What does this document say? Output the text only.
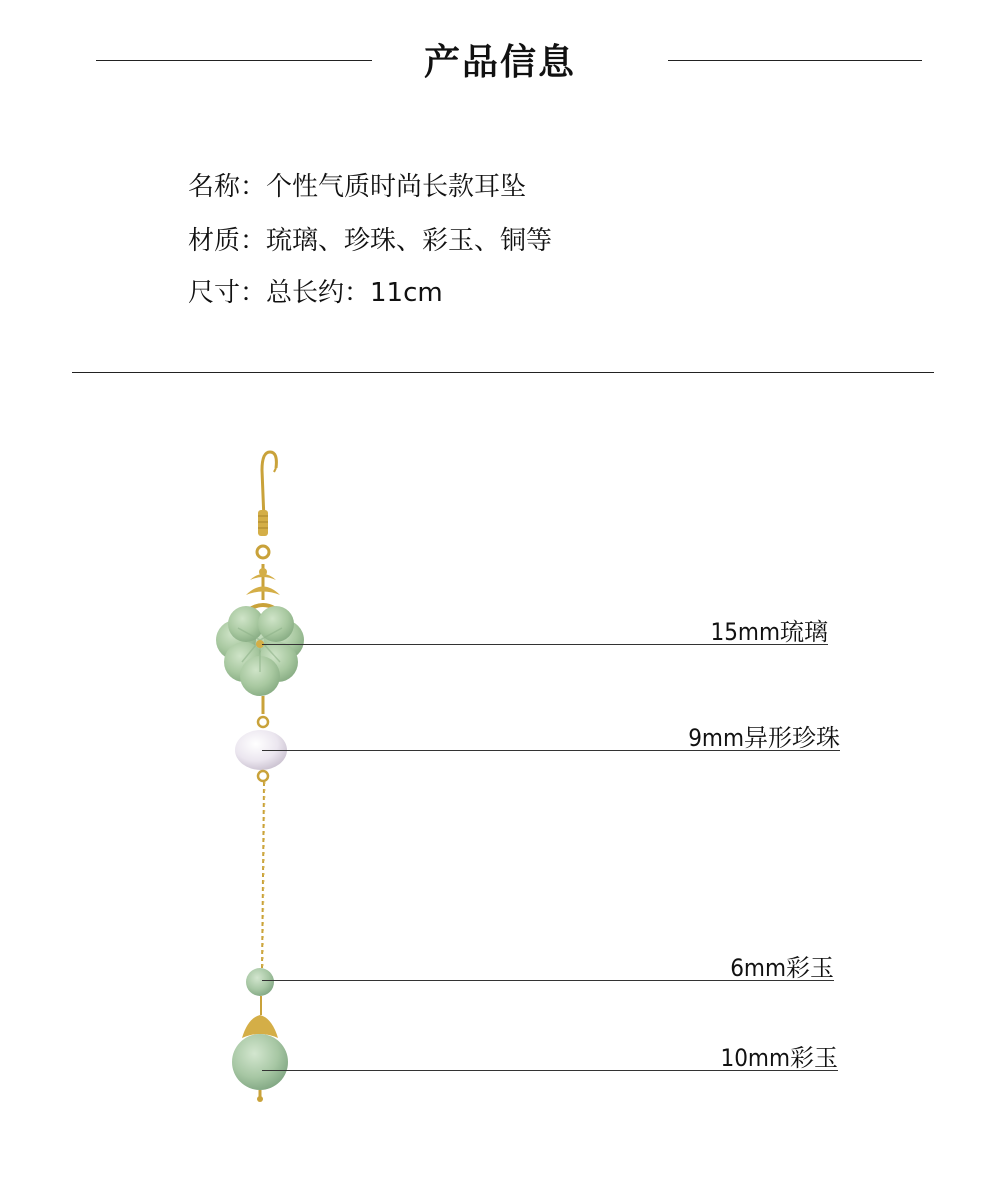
产品信息
名称：个性气质时尚长款耳坠
材质：琉璃、珍珠、彩玉、铜等
尺寸：总长约：11cm
15mm琉璃
9mm异形珍珠
6mm彩玉
10mm彩玉
